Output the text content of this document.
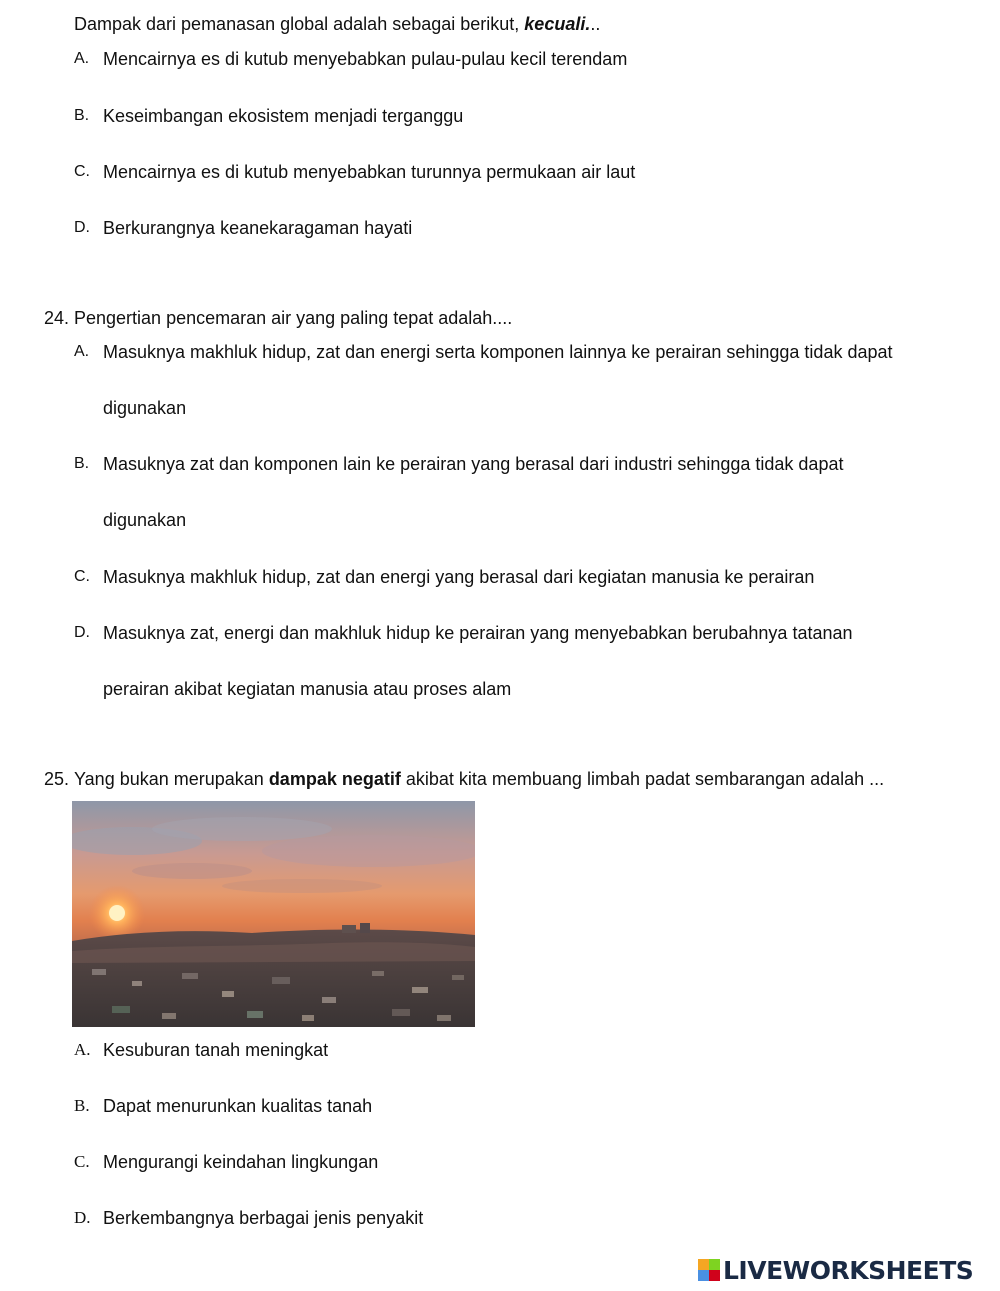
Dampak dari pemanasan global adalah sebagai berikut, kecuali...
A. Mencairnya es di kutub menyebabkan pulau-pulau kecil terendam
B. Keseimbangan ekosistem menjadi terganggu
C. Mencairnya es di kutub menyebabkan turunnya permukaan air laut
D. Berkurangnya keanekaragaman hayati
24. Pengertian pencemaran air yang paling tepat adalah....
A. Masuknya makhluk hidup, zat dan energi serta komponen lainnya ke perairan sehingga tidak dapat
digunakan
B. Masuknya zat dan komponen lain ke perairan yang berasal dari industri sehingga tidak dapat
digunakan
C. Masuknya makhluk hidup, zat dan energi yang berasal dari kegiatan manusia ke perairan
D. Masuknya zat, energi dan makhluk hidup ke perairan yang menyebabkan berubahnya tatanan
perairan akibat kegiatan manusia atau proses alam
25. Yang bukan merupakan dampak negatif akibat kita membuang limbah padat sembarangan adalah ...
A. Kesuburan tanah meningkat
B. Dapat menurunkan kualitas tanah
C. Mengurangi keindahan lingkungan
D. Berkembangnya berbagai jenis penyakit
LIVEWORKSHEETS
